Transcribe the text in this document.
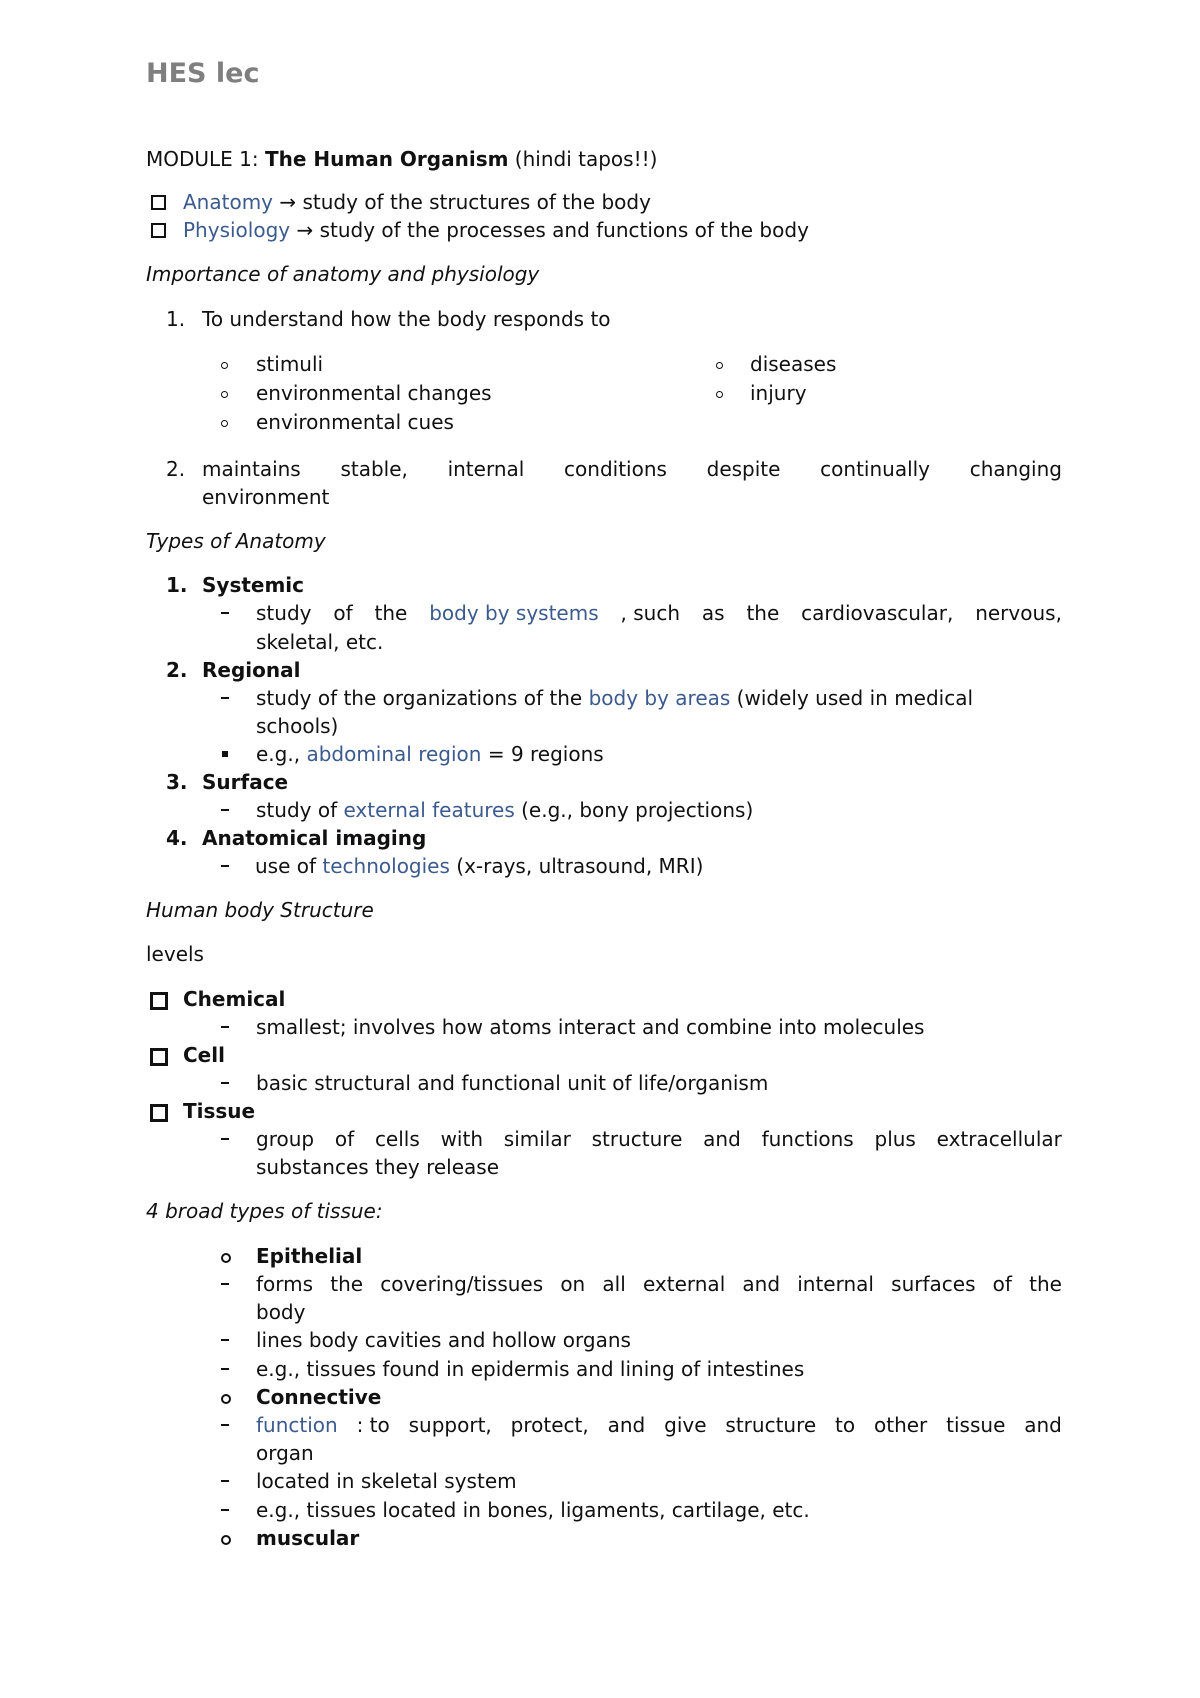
HES lec
MODULE 1: The Human Organism (hindi tapos!!)
Anatomy → study of the structures of the body
Physiology → study of the processes and functions of the body
Importance of anatomy and physiology
1. To understand how the body responds to
stimuli
environmental changes
environmental cues
diseases
injury
2. maintains stable, internal conditions despite continually changing
environment
Types of Anatomy
1. Systemic
study of the body by systems , such as the cardiovascular, nervous,
skeletal, etc.
2. Regional
study of the organizations of the body by areas (widely used in medical
schools)
e.g., abdominal region = 9 regions
3. Surface
study of external features (e.g., bony projections)
4. Anatomical imaging
use of technologies (x-rays, ultrasound, MRI)
Human body Structure
levels
Chemical
smallest; involves how atoms interact and combine into molecules
Cell
basic structural and functional unit of life/organism
Tissue
group of cells with similar structure and functions plus extracellular
substances they release
4 broad types of tissue:
Epithelial
forms the covering/tissues on all external and internal surfaces of the
body
lines body cavities and hollow organs
e.g., tissues found in epidermis and lining of intestines
Connective
function : to support, protect, and give structure to other tissue and
organ
located in skeletal system
e.g., tissues located in bones, ligaments, cartilage, etc.
muscular
